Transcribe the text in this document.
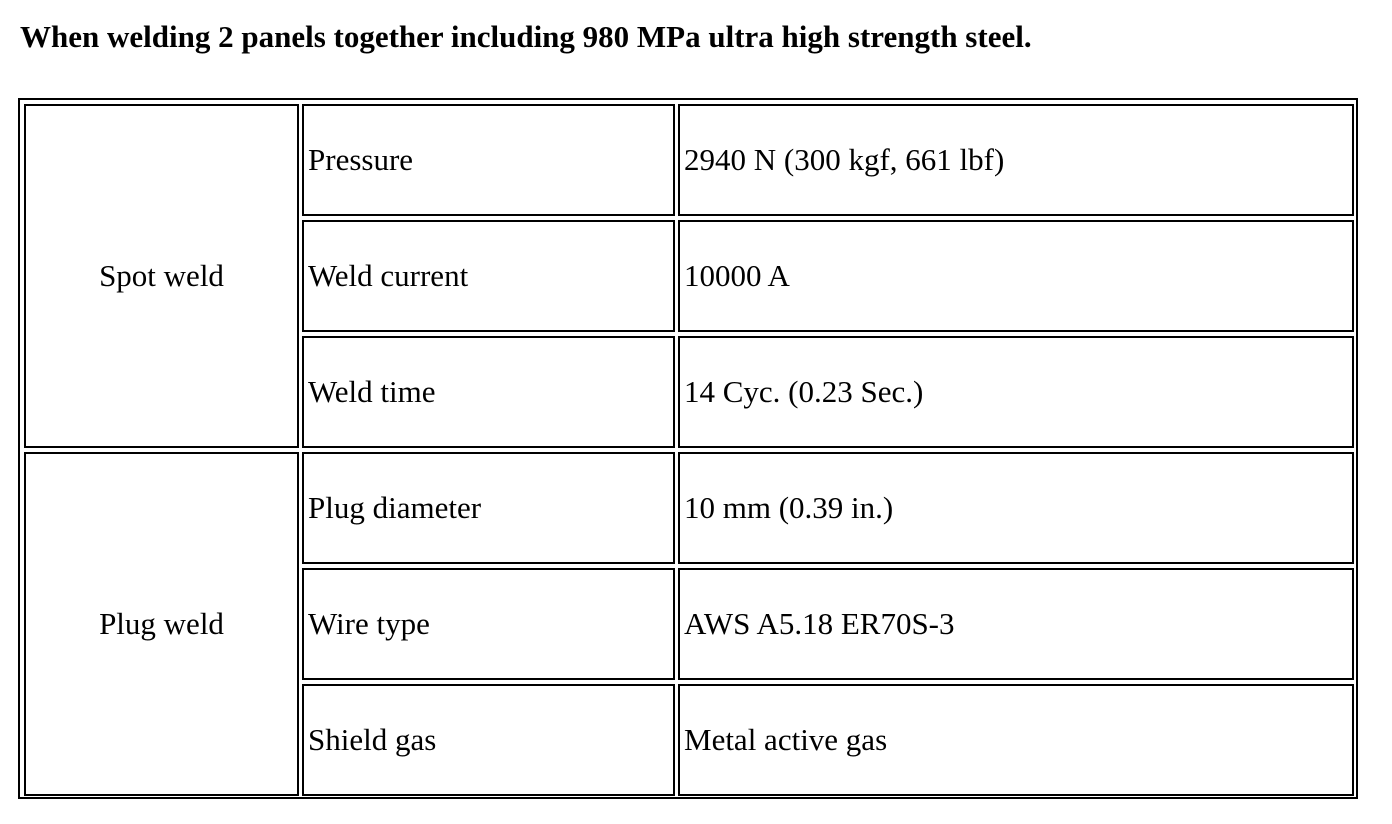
When welding 2 panels together including 980 MPa ultra high strength steel.
Spot weld
Pressure	2940 N (300 kgf, 661 lbf)
Weld current	10000 A
Weld time	14 Cyc. (0.23 Sec.)
Plug weld
Plug diameter	10 mm (0.39 in.)
Wire type	AWS A5.18 ER70S-3
Shield gas	Metal active gas
